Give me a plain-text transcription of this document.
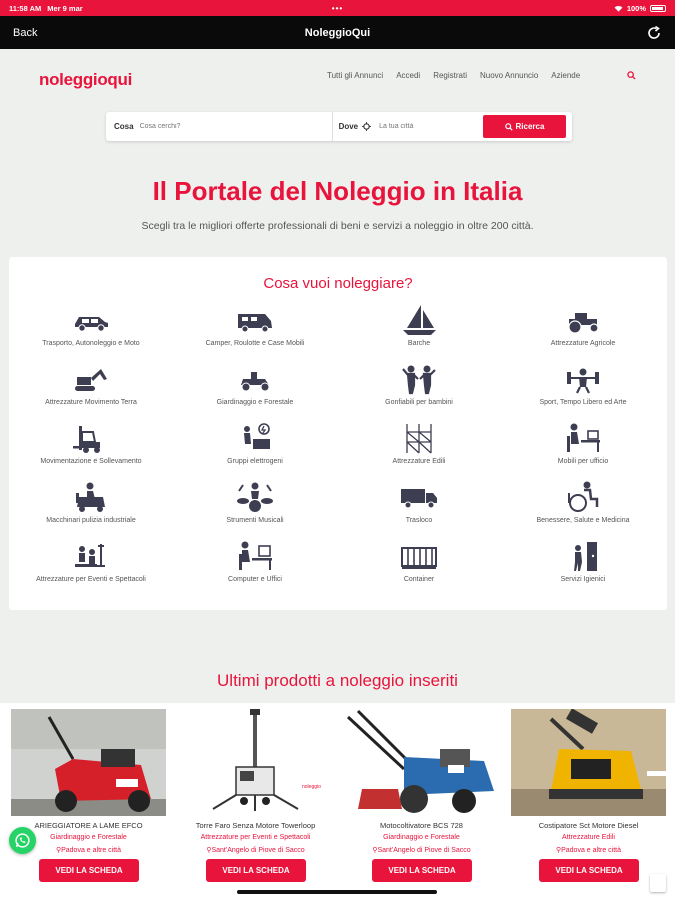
11:58 AM Mer 9 mar	•••	100%
Back	NoleggioQui
noleggioqui	Tutti gli Annunci Accedi Registrati Nuovo Annuncio Aziende
Cosa
Cosa cerchi?	Dove
La tua città	Ricerca
Il Portale del Noleggio in Italia

Scegli tra le migliori offerte professionali di beni e servizi a noleggio in oltre 200 città.

Cosa vuoi noleggiare?
Trasporto, Autonoleggio e Moto	Camper, Roulotte e Case Mobili	Barche	Attrezzature Agricole
Attrezzature Movimento Terra	Giardinaggio e Forestale	Gonfiabili per bambini	Sport, Tempo Libero ed Arte
Movimentazione e Sollevamento	Gruppi elettrogeni	Attrezzature Edili	Mobili per ufficio
Macchinari pulizia industriale	Strumenti Musicali	Trasloco	Benessere, Salute e Medicina
Attrezzature per Eventi e Spettacoli	Computer e Uffici	Container	Servizi Igienici
Ultimi prodotti a noleggio inseriti
ARIEGGIATORE A LAME EFCO
Giardinaggio e Forestale
⚲Padova e altre città
VEDI LA SCHEDA
noleggio
Torre Faro Senza Motore Towerloop
Attrezzature per Eventi e Spettacoli
⚲Sant'Angelo di Piove di Sacco
VEDI LA SCHEDA
Motocoltivatore BCS 728
Giardinaggio e Forestale
⚲Sant'Angelo di Piove di Sacco
VEDI LA SCHEDA
Costipatore Sct Motore Diesel
Attrezzature Edili
⚲Padova e altre città
VEDI LA SCHEDA
